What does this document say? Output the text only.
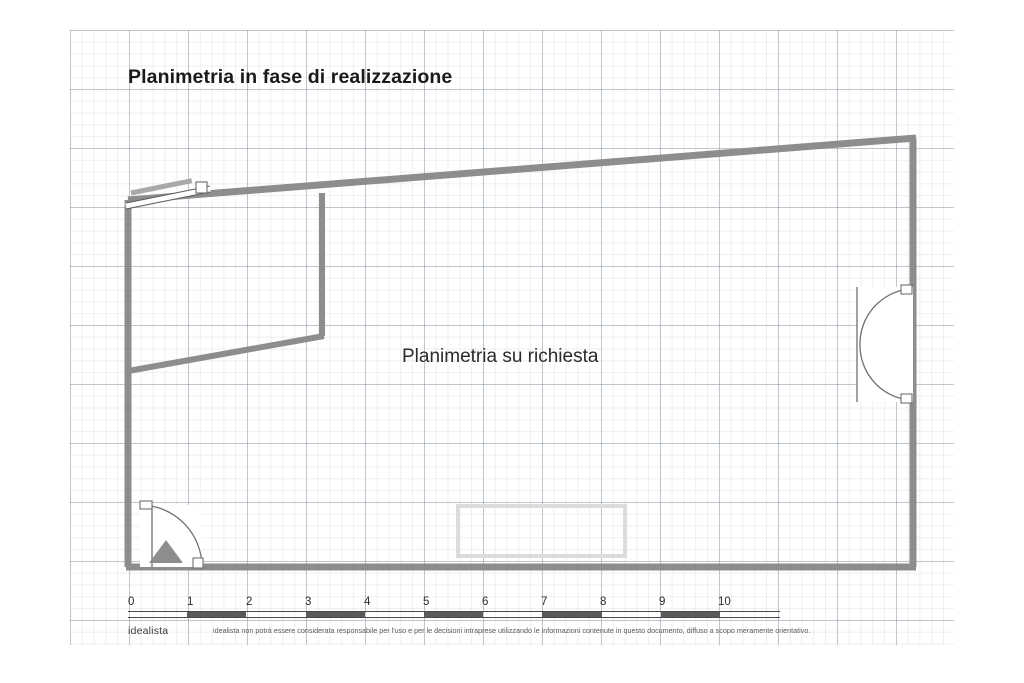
Planimetria in fase di realizzazione
Planimetria su richiesta
0	1	2	3	4	5	6	7	8	9	10
idealista	idealista non potrà essere considerata responsabile per l'uso e per le decisioni intraprese utilizzando le informazioni contenute in questo documento, diffuso a scopo meramente orientativo.
